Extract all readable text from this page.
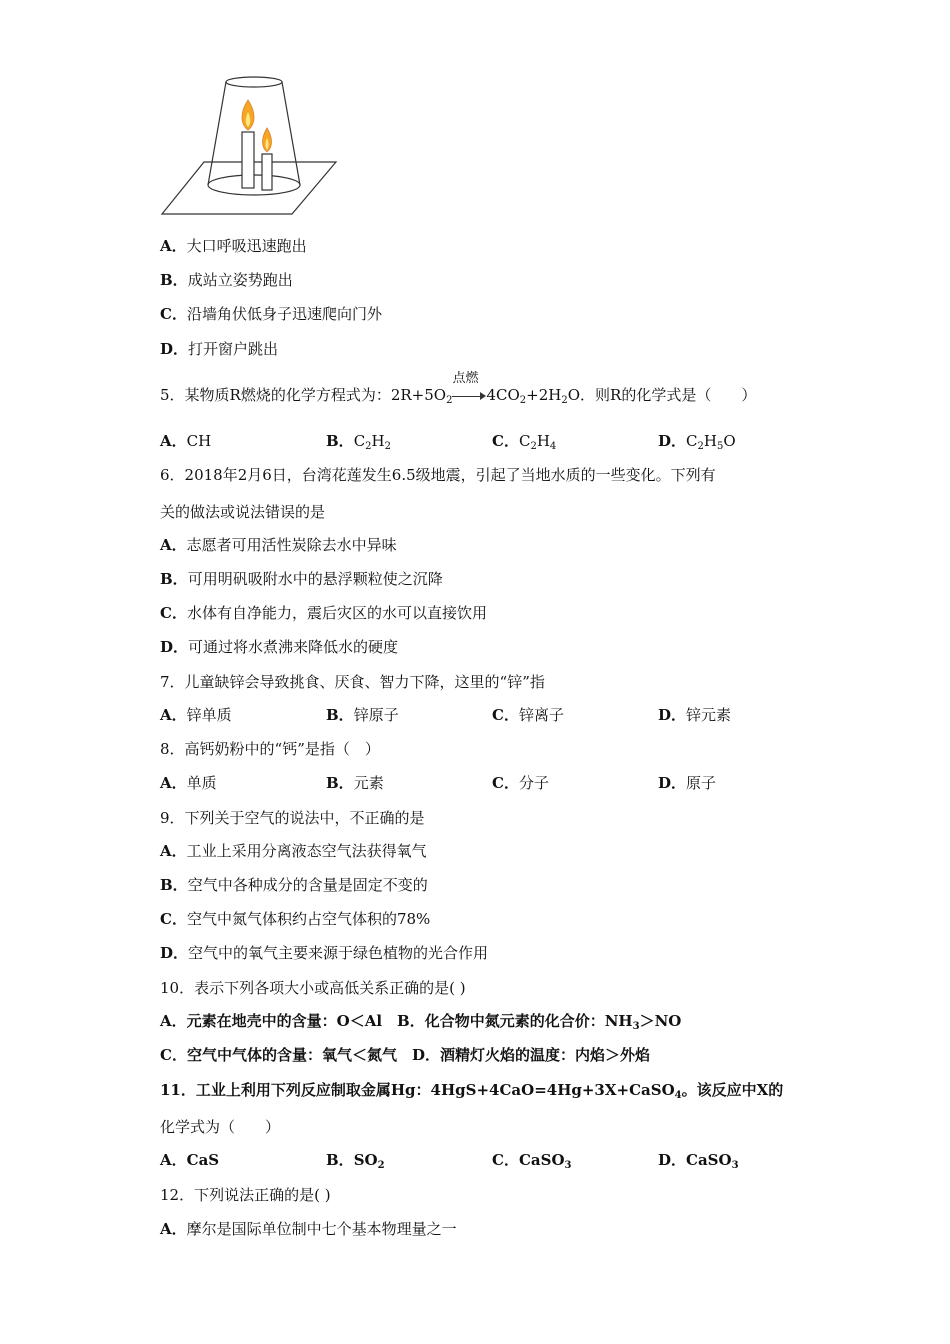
A．大口呼吸迅速跑出
B．成站立姿势跑出
C．沿墙角伏低身子迅速爬向门外
D．打开窗户跳出
5．某物质R燃烧的化学方程式为：$2R+5O_2$
点燃
$4CO_2+2H_2O$．则R的化学式是（　　）
A．CH	B．$C_2H_2$	C．$C_2H_4$	D．$C_2H_5O$
6．2018年2月6日，台湾花莲发生6.5级地震，引起了当地水质的一些变化。下列有
关的做法或说法错误的是
A．志愿者可用活性炭除去水中异味
B．可用明矾吸附水中的悬浮颗粒使之沉降
C．水体有自净能力，震后灾区的水可以直接饮用
D．可通过将水煮沸来降低水的硬度
7．儿童缺锌会导致挑食、厌食、智力下降，这里的“锌”指
A．锌单质	B．锌原子	C．锌离子	D．锌元素
8．高钙奶粉中的“钙”是指（　）
A．单质	B．元素	C．分子	D．原子
9．下列关于空气的说法中，不正确的是
A．工业上采用分离液态空气法获得氧气
B．空气中各种成分的含量是固定不变的
C．空气中氮气体积约占空气体积的78%
D．空气中的氧气主要来源于绿色植物的光合作用
10．表示下列各项大小或高低关系正确的是( )
A．元素在地壳中的含量：O＜Al　B．化合物中氮元素的化合价：$NH_3>NO$
C．空气中气体的含量：氧气＜氮气　D．酒精灯火焰的温度：内焰＞外焰
11．工业上利用下列反应制取金属Hg：4HgS+4CaO=4Hg+3X+CaSO$_4$。该反应中X的
化学式为（　　）
A．CaS	B．$SO_2$	C．CaSO$_3$	D．CaSO$_3$
12．下列说法正确的是( )
A．摩尔是国际单位制中七个基本物理量之一
